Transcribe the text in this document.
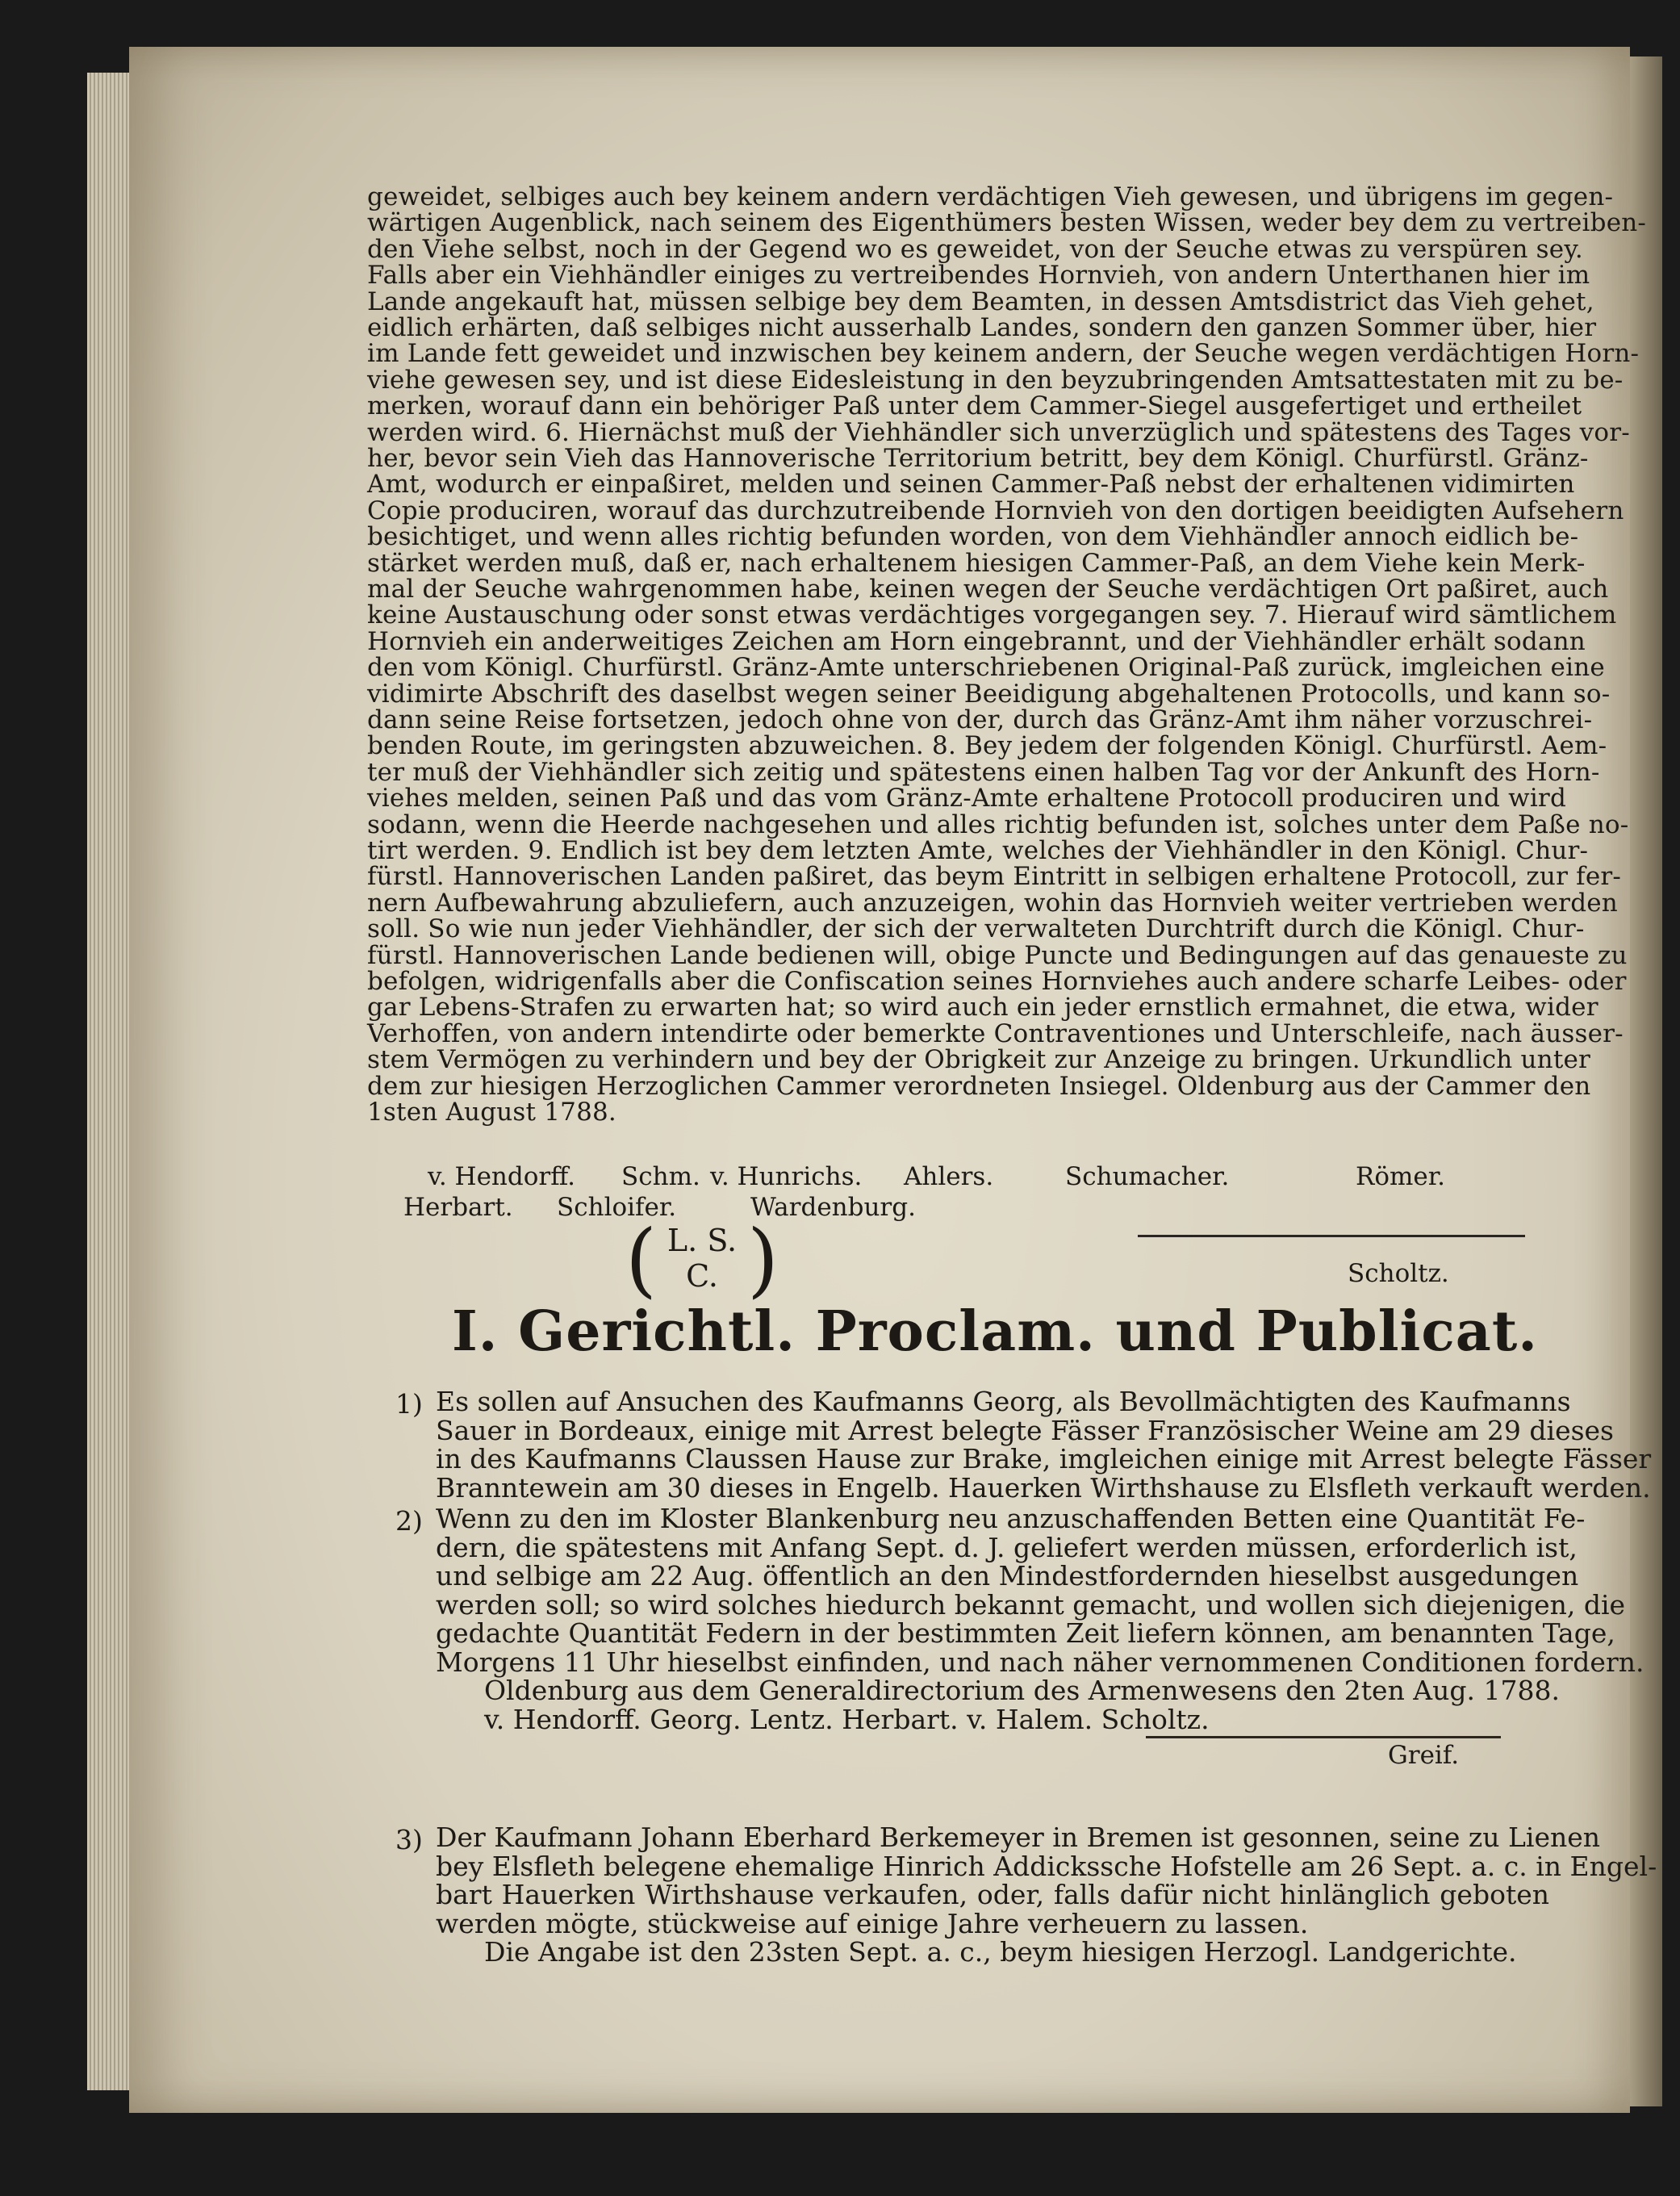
geweidet, selbiges auch bey keinem andern verdächtigen Vieh gewesen, und übrigens im gegen-
wärtigen Augenblick, nach seinem des Eigenthümers besten Wissen, weder bey dem zu vertreiben-
den Viehe selbst, noch in der Gegend wo es geweidet, von der Seuche etwas zu verspüren sey.
Falls aber ein Viehhändler einiges zu vertreibendes Hornvieh, von andern Unterthanen hier im
Lande angekauft hat, müssen selbige bey dem Beamten, in dessen Amtsdistrict das Vieh gehet,
eidlich erhärten, daß selbiges nicht ausserhalb Landes, sondern den ganzen Sommer über, hier
im Lande fett geweidet und inzwischen bey keinem andern, der Seuche wegen verdächtigen Horn-
viehe gewesen sey, und ist diese Eidesleistung in den beyzubringenden Amtsattestaten mit zu be-
merken, worauf dann ein behöriger Paß unter dem Cammer-Siegel ausgefertiget und ertheilet
werden wird. 6. Hiernächst muß der Viehhändler sich unverzüglich und spätestens des Tages vor-
her, bevor sein Vieh das Hannoverische Territorium betritt, bey dem Königl. Churfürstl. Gränz-
Amt, wodurch er einpaßiret, melden und seinen Cammer-Paß nebst der erhaltenen vidimirten
Copie produciren, worauf das durchzutreibende Hornvieh von den dortigen beeidigten Aufsehern
besichtiget, und wenn alles richtig befunden worden, von dem Viehhändler annoch eidlich be-
stärket werden muß, daß er, nach erhaltenem hiesigen Cammer-Paß, an dem Viehe kein Merk-
mal der Seuche wahrgenommen habe, keinen wegen der Seuche verdächtigen Ort paßiret, auch
keine Austauschung oder sonst etwas verdächtiges vorgegangen sey. 7. Hierauf wird sämtlichem
Hornvieh ein anderweitiges Zeichen am Horn eingebrannt, und der Viehhändler erhält sodann
den vom Königl. Churfürstl. Gränz-Amte unterschriebenen Original-Paß zurück, imgleichen eine
vidimirte Abschrift des daselbst wegen seiner Beeidigung abgehaltenen Protocolls, und kann so-
dann seine Reise fortsetzen, jedoch ohne von der, durch das Gränz-Amt ihm näher vorzuschrei-
benden Route, im geringsten abzuweichen. 8. Bey jedem der folgenden Königl. Churfürstl. Aem-
ter muß der Viehhändler sich zeitig und spätestens einen halben Tag vor der Ankunft des Horn-
viehes melden, seinen Paß und das vom Gränz-Amte erhaltene Protocoll produciren und wird
sodann, wenn die Heerde nachgesehen und alles richtig befunden ist, solches unter dem Paße no-
tirt werden. 9. Endlich ist bey dem letzten Amte, welches der Viehhändler in den Königl. Chur-
fürstl. Hannoverischen Landen paßiret, das beym Eintritt in selbigen erhaltene Protocoll, zur fer-
nern Aufbewahrung abzuliefern, auch anzuzeigen, wohin das Hornvieh weiter vertrieben werden
soll. So wie nun jeder Viehhändler, der sich der verwalteten Durchtrift durch die Königl. Chur-
fürstl. Hannoverischen Lande bedienen will, obige Puncte und Bedingungen auf das genaueste zu
befolgen, widrigenfalls aber die Confiscation seines Hornviehes auch andere scharfe Leibes- oder
gar Lebens-Strafen zu erwarten hat; so wird auch ein jeder ernstlich ermahnet, die etwa, wider
Verhoffen, von andern intendirte oder bemerkte Contraventiones und Unterschleife, nach äusser-
stem Vermögen zu verhindern und bey der Obrigkeit zur Anzeige zu bringen. Urkundlich unter
dem zur hiesigen Herzoglichen Cammer verordneten Insiegel. Oldenburg aus der Cammer den
1sten August 1788.
v. Hendorff. Schm. v. Hunrichs. Ahlers.	Schumacher.	Römer.
Herbart. Schloifer.	Wardenburg.
( L. S.
C. )	Scholtz.
I. Gerichtl. Proclam. und Publicat.
1) Es sollen auf Ansuchen des Kaufmanns Georg, als Bevollmächtigten des Kaufmanns
Sauer in Bordeaux, einige mit Arrest belegte Fässer Französischer Weine am 29 dieses
in des Kaufmanns Claussen Hause zur Brake, imgleichen einige mit Arrest belegte Fässer
Branntewein am 30 dieses in Engelb. Hauerken Wirthshause zu Elsfleth verkauft werden.
2) Wenn zu den im Kloster Blankenburg neu anzuschaffenden Betten eine Quantität Fe-
dern, die spätestens mit Anfang Sept. d. J. geliefert werden müssen, erforderlich ist,
und selbige am 22 Aug. öffentlich an den Mindestfordernden hieselbst ausgedungen
werden soll; so wird solches hiedurch bekannt gemacht, und wollen sich diejenigen, die
gedachte Quantität Federn in der bestimmten Zeit liefern können, am benannten Tage,
Morgens 11 Uhr hieselbst einfinden, und nach näher vernommenen Conditionen fordern.
Oldenburg aus dem Generaldirectorium des Armenwesens den 2ten Aug. 1788.
v. Hendorff. Georg. Lentz. Herbart. v. Halem. Scholtz.
Greif.
3) Der Kaufmann Johann Eberhard Berkemeyer in Bremen ist gesonnen, seine zu Lienen
bey Elsfleth belegene ehemalige Hinrich Addickssche Hofstelle am 26 Sept. a. c. in Engel-
bart Hauerken Wirthshause verkaufen, oder, falls dafür nicht hinlänglich geboten
werden mögte, stückweise auf einige Jahre verheuern zu lassen.
Die Angabe ist den 23sten Sept. a. c., beym hiesigen Herzogl. Landgerichte.
